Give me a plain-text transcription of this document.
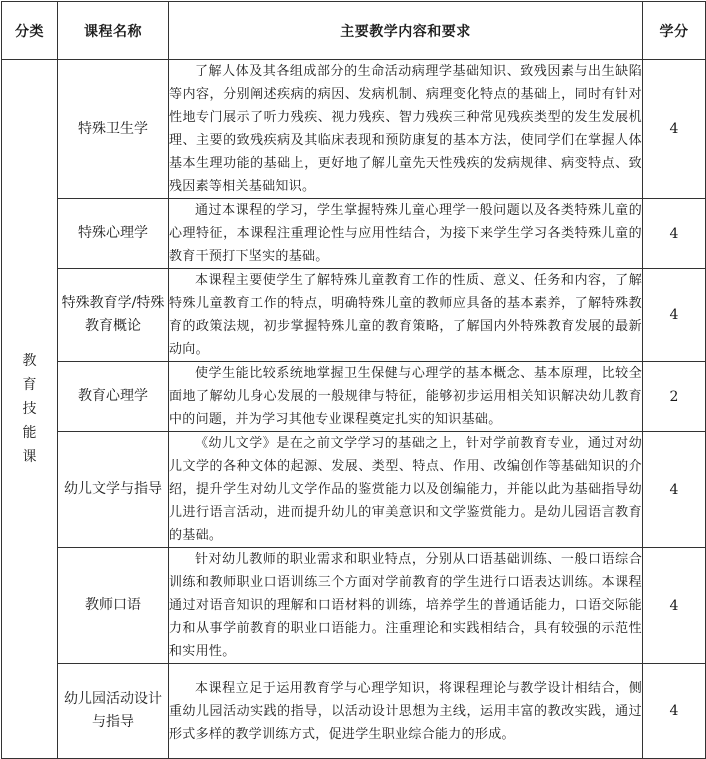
分类	课程名称	主要教学内容和要求	学分
教育技能课	特殊卫生学	了解人体及其各组成部分的生命活动病理学基础知识、致残因素与出生缺陷等内容，分别阐述疾病的病因、发病机制、病理变化特点的基础上，同时有针对性地专门展示了听力残疾、视力残疾、智力残疾三种常见残疾类型的发生发展机理、主要的致残疾病及其临床表现和预防康复的基本方法，使同学们在掌握人体基本生理功能的基础上，更好地了解儿童先天性残疾的发病规律、病变特点、致残因素等相关基础知识。	4
	特殊心理学	通过本课程的学习，学生掌握特殊儿童心理学一般问题以及各类特殊儿童的心理特征，本课程注重理论性与应用性结合，为接下来学生学习各类特殊儿童的教育干预打下坚实的基础。	4
	特殊教育学/特殊教育概论	本课程主要使学生了解特殊儿童教育工作的性质、意义、任务和内容，了解特殊儿童教育工作的特点，明确特殊儿童的教师应具备的基本素养，了解特殊教育的政策法规，初步掌握特殊儿童的教育策略，了解国内外特殊教育发展的最新动向。	4
	教育心理学	使学生能比较系统地掌握卫生保健与心理学的基本概念、基本原理，比较全面地了解幼儿身心发展的一般规律与特征，能够初步运用相关知识解决幼儿教育中的问题，并为学习其他专业课程奠定扎实的知识基础。	2
	幼儿文学与指导	《幼儿文学》是在之前文学学习的基础之上，针对学前教育专业，通过对幼儿文学的各种文体的起源、发展、类型、特点、作用、改编创作等基础知识的介绍，提升学生对幼儿文学作品的鉴赏能力以及创编能力，并能以此为基础指导幼儿进行语言活动，进而提升幼儿的审美意识和文学鉴赏能力。是幼儿园语言教育的基础。	4
	教师口语	针对幼儿教师的职业需求和职业特点，分别从口语基础训练、一般口语综合训练和教师职业口语训练三个方面对学前教育的学生进行口语表达训练。本课程通过对语音知识的理解和口语材料的训练，培养学生的普通话能力，口语交际能力和从事学前教育的职业口语能力。注重理论和实践相结合，具有较强的示范性和实用性。	4
	幼儿园活动设计与指导	本课程立足于运用教育学与心理学知识，将课程理论与教学设计相结合，侧重幼儿园活动实践的指导，以活动设计思想为主线，运用丰富的教改实践，通过形式多样的教学训练方式，促进学生职业综合能力的形成。	4
